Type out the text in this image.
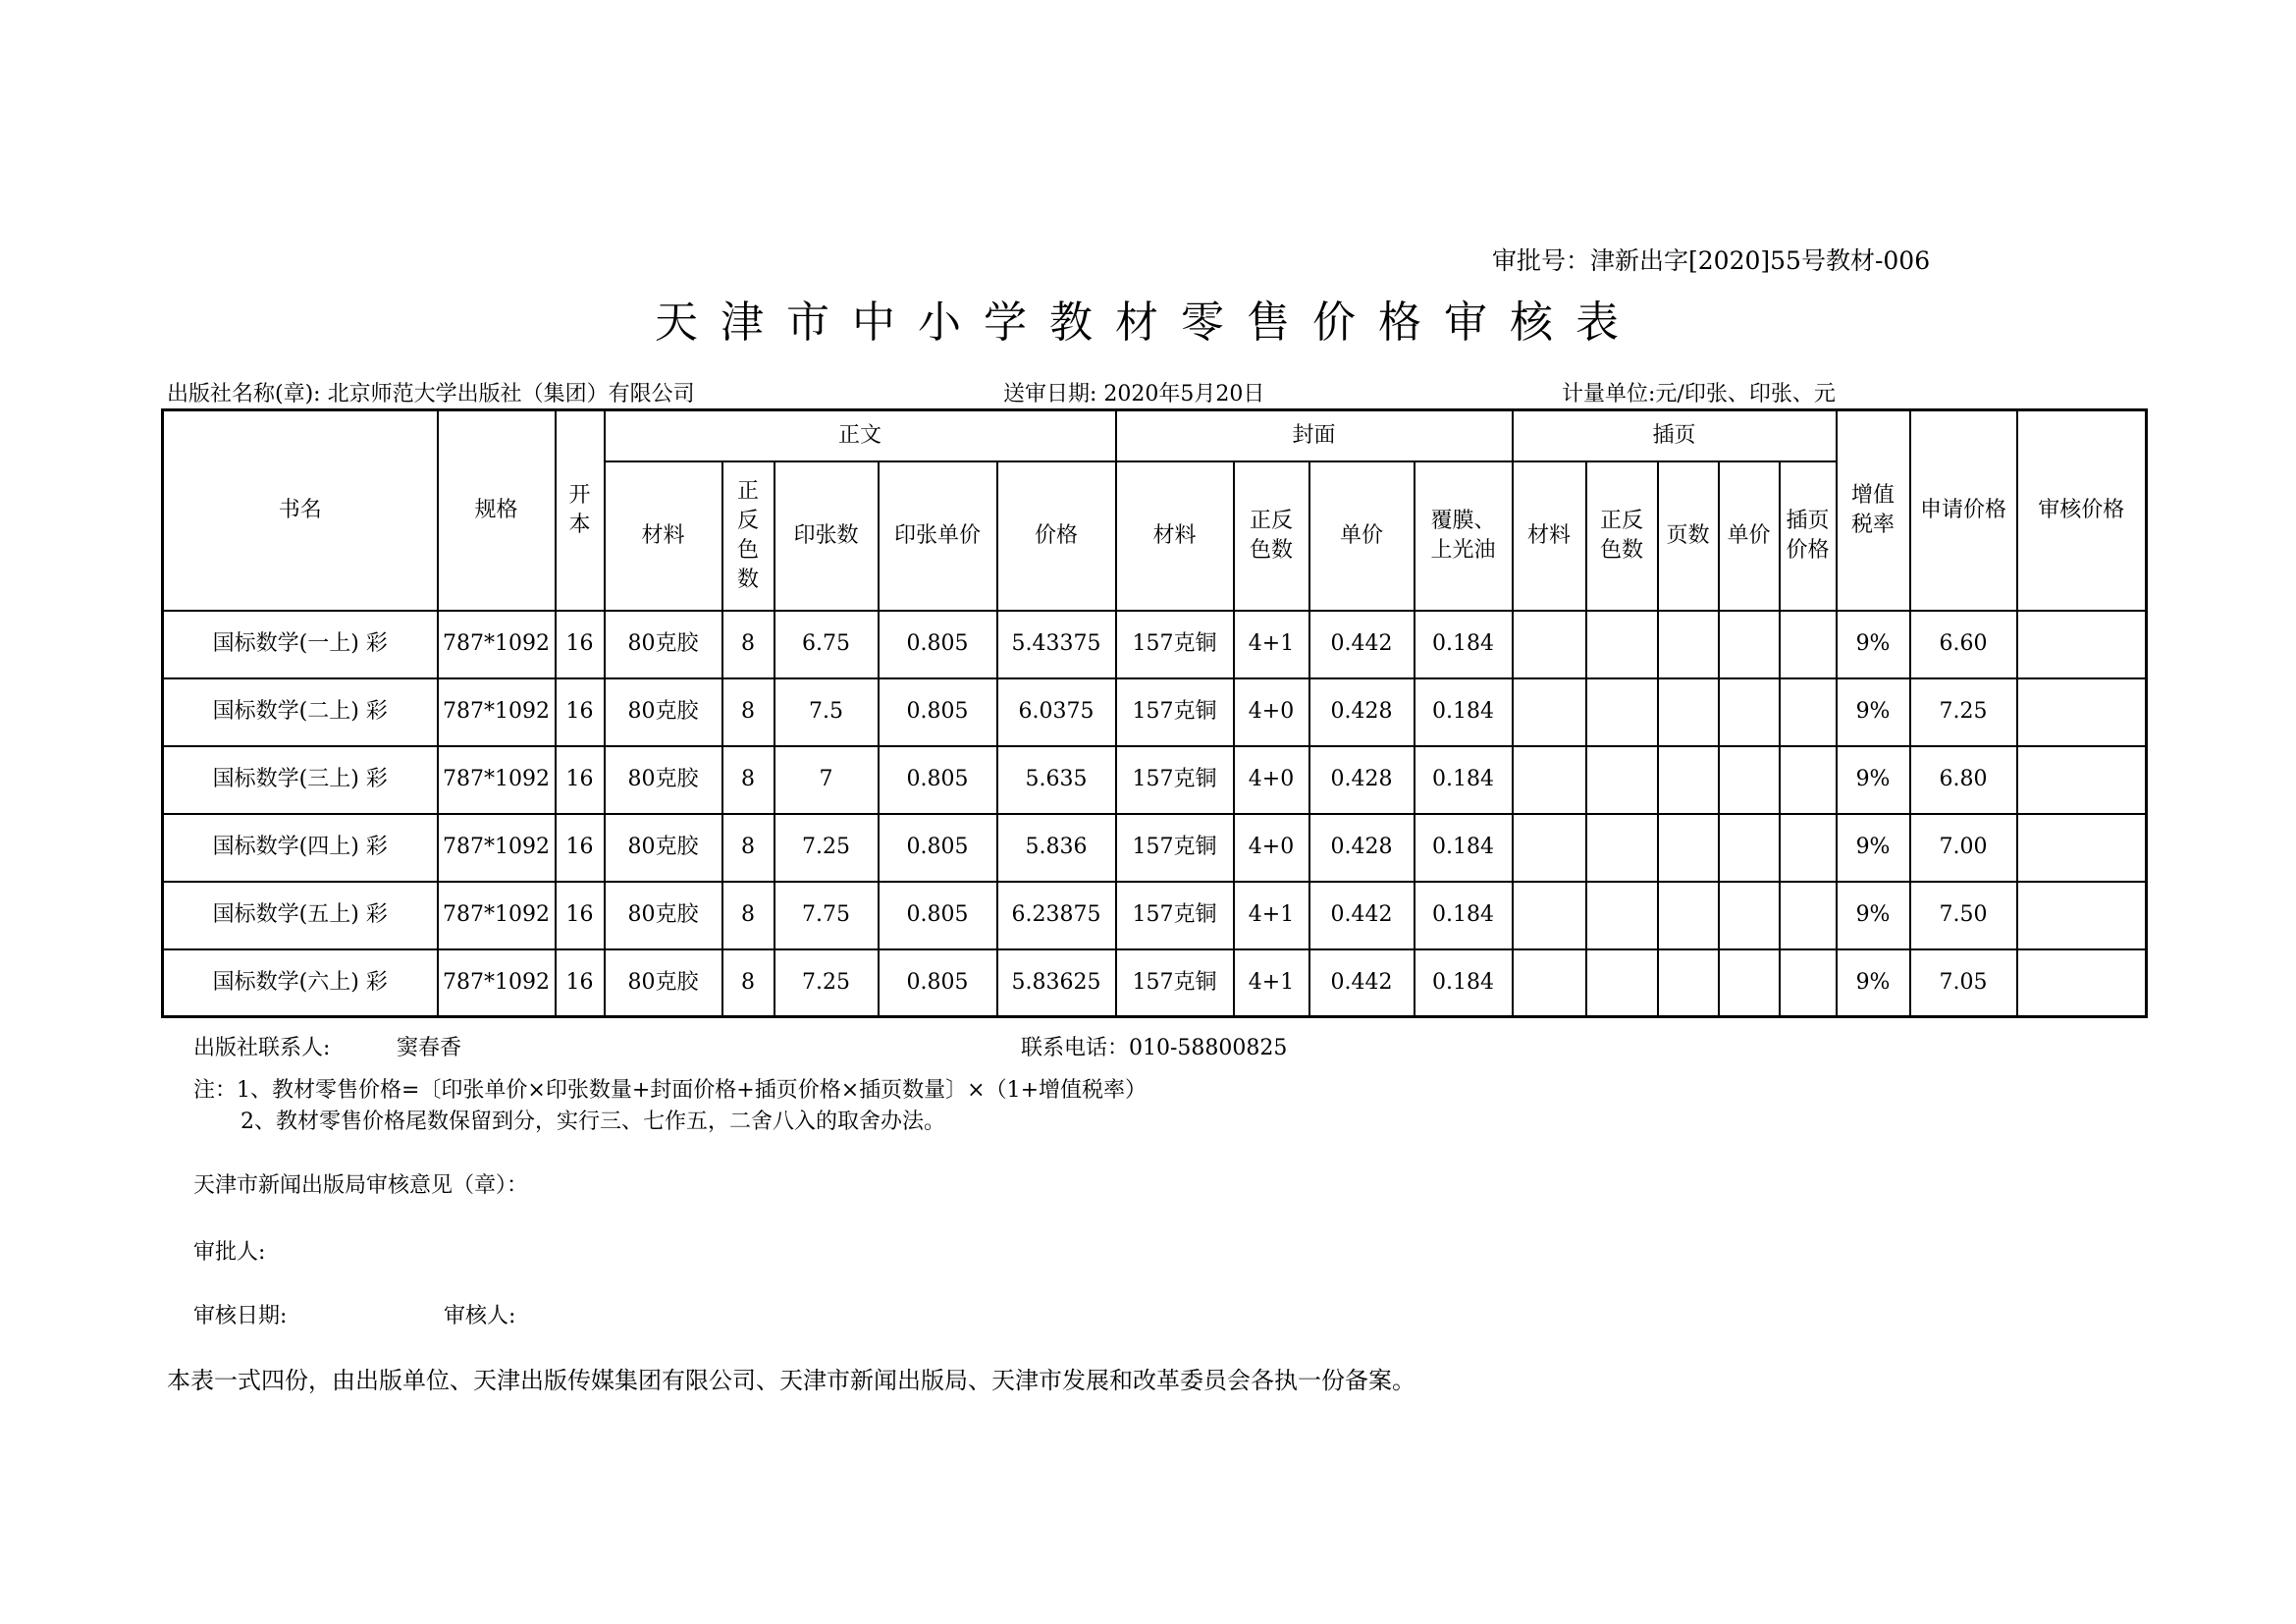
审批号：津新出字[2020]55号教材-006
天津市中小学教材零售价格审核表
出版社名称(章): 北京师范大学出版社（集团）有限公司	送审日期: 2020年5月20日	计量单位:元/印张、印张、元
书名	规格	开本	正文					封面				插页					增值税率	申请价格	审核价格
			材料	正反色数	印张数	印张单价	价格	材料	正反色数	单价	覆膜、上光油	材料	正反色数	页数	单价	插页价格			

国标数学(一上) 彩	787*1092	16	80克胶	8	6.75	0.805	5.43375	157克铜	4+1	0.442	0.184						9%	6.60	
国标数学(二上) 彩	787*1092	16	80克胶	8	7.5	0.805	6.0375	157克铜	4+0	0.428	0.184						9%	7.25	
国标数学(三上) 彩	787*1092	16	80克胶	8	7	0.805	5.635	157克铜	4+0	0.428	0.184						9%	6.80	
国标数学(四上) 彩	787*1092	16	80克胶	8	7.25	0.805	5.836	157克铜	4+0	0.428	0.184						9%	7.00	
国标数学(五上) 彩	787*1092	16	80克胶	8	7.75	0.805	6.23875	157克铜	4+1	0.442	0.184						9%	7.50	
国标数学(六上) 彩	787*1092	16	80克胶	8	7.25	0.805	5.83625	157克铜	4+1	0.442	0.184						9%	7.05	
出版社联系人:	窦春香	联系电话：010-58800825
注：1、教材零售价格=〔印张单价×印张数量+封面价格+插页价格×插页数量〕×（1+增值税率）
2、教材零售价格尾数保留到分，实行三、七作五，二舍八入的取舍办法。
天津市新闻出版局审核意见（章）：
审批人:
审核日期:	审核人:
本表一式四份，由出版单位、天津出版传媒集团有限公司、天津市新闻出版局、天津市发展和改革委员会各执一份备案。
